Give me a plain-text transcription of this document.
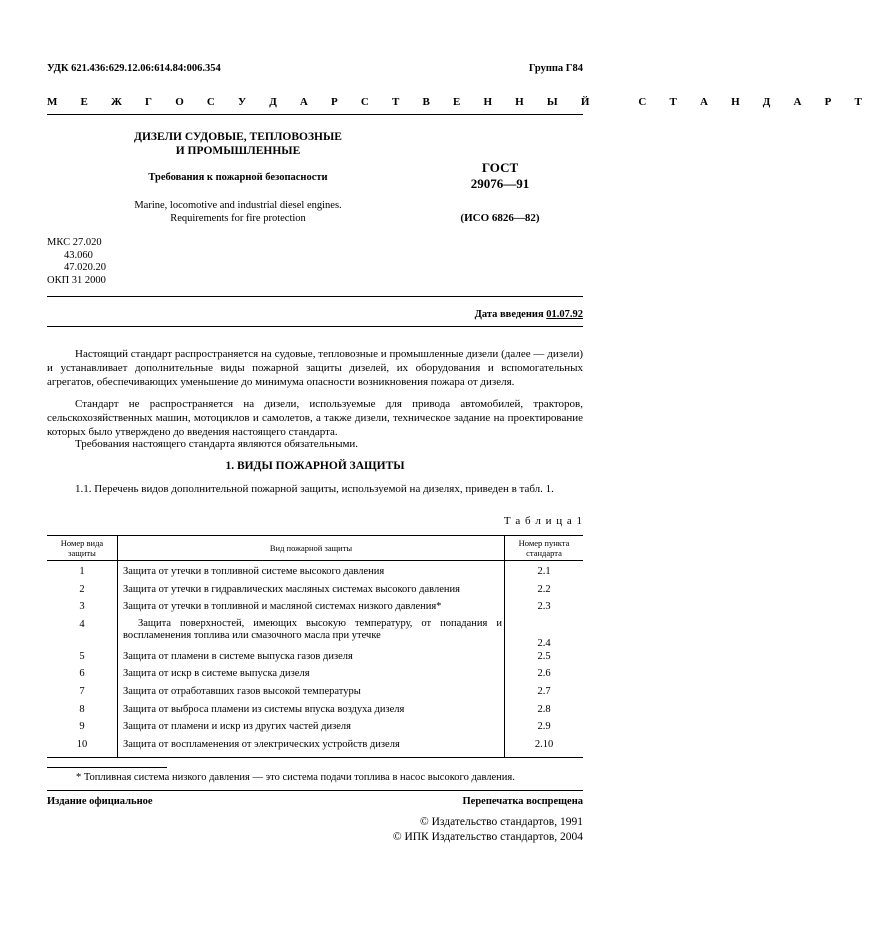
УДК 621.436:629.12.06:614.84:006.354	Группа Г84
М Е Ж Г О С У Д А Р С Т В Е Н Н Ы Й   С Т А Н Д А Р Т
ДИЗЕЛИ СУДОВЫЕ, ТЕПЛОВОЗНЫЕ
И ПРОМЫШЛЕННЫЕ
Требования к пожарной безопасности
Marine, locomotive and industrial diesel engines.
Requirements for fire protection
ГОСТ
29076—91
(ИСО 6826—82)
МКС 27.020
43.060
47.020.20
ОКП 31 2000
Дата введения 01.07.92

Настоящий стандарт распространяется на судовые, тепловозные и промышленные дизели (далее — дизели) и устанавливает дополнительные виды пожарной защиты дизелей, их оборудования и вспомогательных агрегатов, обеспечивающих уменьшение до минимума опасности возникновения пожара от дизеля.

Стандарт не распространяется на дизели, используемые для привода автомобилей, тракторов, сельскохозяйственных машин, мотоциклов и самолетов, а также дизели, техническое задание на проектирование которых было утверждено до введения настоящего стандарта.

Требования настоящего стандарта являются обязательными.

1. ВИДЫ ПОЖАРНОЙ ЗАЩИТЫ

1.1. Перечень видов дополнительной пожарной защиты, используемой на дизелях, приведен в табл. 1.

Т а б л и ц а 1
Номер вида защиты	Вид пожарной защиты	Номер пункта стандарта

1	Защита от утечки в топливной системе высокого давления	2.1
2	Защита от утечки в гидравлических масляных системах высокого давления	2.2
3	Защита от утечки в топливной и масляной системах низкого давления*	2.3
4	Защита поверхностей, имеющих высокую температуру, от попадания и воспламенения топлива или смазочного масла при утечке	2.4
5	Защита от пламени в системе выпуска газов дизеля	2.5
6	Защита от искр в системе выпуска дизеля	2.6
7	Защита от отработавших газов высокой температуры	2.7
8	Защита от выброса пламени из системы впуска воздуха дизеля	2.8
9	Защита от пламени и искр из других частей дизеля	2.9
10	Защита от воспламенения от электрических устройств дизеля	2.10
* Топливная система низкого давления — это система подачи топлива в насос высокого давления.
Издание официальное	Перепечатка воспрещена
© Издательство стандартов, 1991
© ИПК Издательство стандартов, 2004
